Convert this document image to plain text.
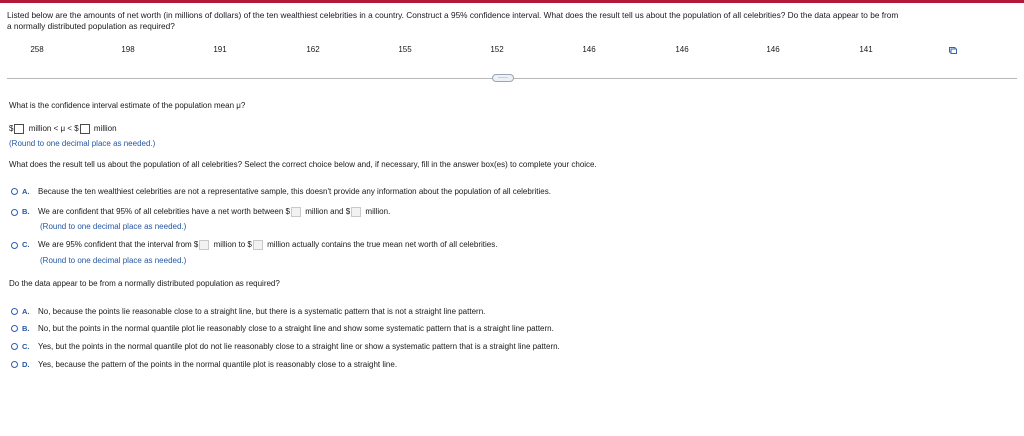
Listed below are the amounts of net worth (in millions of dollars) of the ten wealthiest celebrities in a country. Construct a 95% confidence interval. What does the result tell us about the population of all celebrities? Do the data appear to be from
a normally distributed population as required?
258	198	191	162	155	152	146	146	146	141
·····
What is the confidence interval estimate of the population mean μ?
$ million < μ < $ million
(Round to one decimal place as needed.)
What does the result tell us about the population of all celebrities? Select the correct choice below and, if necessary, fill in the answer box(es) to complete your choice.
A. Because the ten wealthiest celebrities are not a representative sample, this doesn't provide any information about the population of all celebrities.
B. We are confident that 95% of all celebrities have a net worth between $ million and $ million.
(Round to one decimal place as needed.)
C. We are 95% confident that the interval from $ million to $ million actually contains the true mean net worth of all celebrities.
(Round to one decimal place as needed.)
Do the data appear to be from a normally distributed population as required?
A. No, because the points lie reasonable close to a straight line, but there is a systematic pattern that is not a straight line pattern.
B. No, but the points in the normal quantile plot lie reasonably close to a straight line and show some systematic pattern that is a straight line pattern.
C. Yes, but the points in the normal quantile plot do not lie reasonably close to a straight line or show a systematic pattern that is a straight line pattern.
D. Yes, because the pattern of the points in the normal quantile plot is reasonably close to a straight line.
